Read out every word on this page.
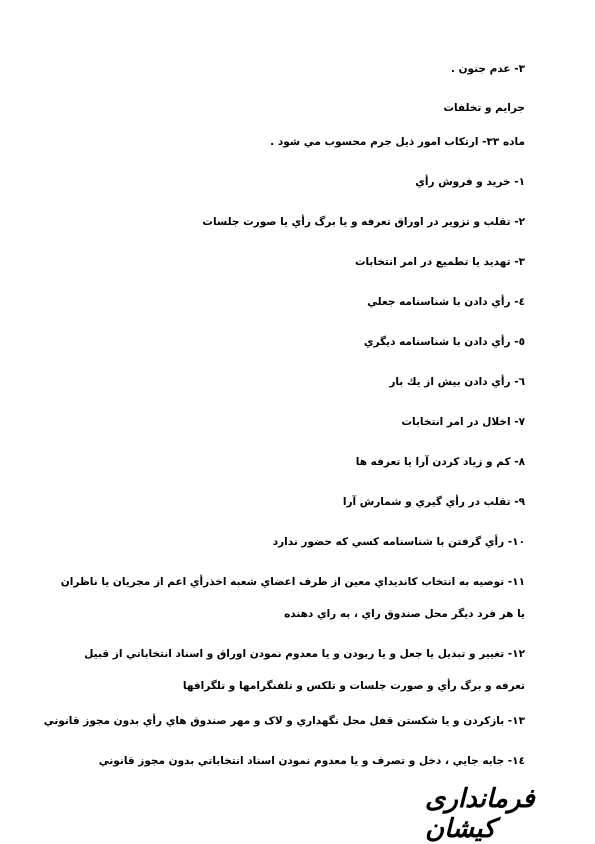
۳- عدم جنون .
جرايم و تخلفات
ماده ۳۳- ارتکاب امور ذيل جرم محسوب مي شود .
۱- خريد و فروش رأي
۲- تقلب و تزوير در اوراق تعرفه و يا برگ رأي يا صورت جلسات
۳- تهديد يا تطميع در امر انتخابات
٤- رأي دادن با شناسنامه جعلي
٥- رأي دادن با شناسنامه ديگري
٦- رأي دادن بيش از يك بار
۷- اخلال در امر انتخابات
۸- کم و زياد کردن آرا يا تعرفه ها
۹- تقلب در رأي گيري و شمارش آرا
۱۰- رأي گرفتن با شناسنامه کسي که حضور ندارد
۱۱- توصيه به انتخاب کانديداي معين از طرف اعضاي شعبه اخذرأي اعم از مجريان يا ناظران يا هر فرد ديگر محل صندوق راي ، به راي دهنده
۱۲- تغيير و تبديل يا جعل و يا ربودن و يا معدوم نمودن اوراق و اسناد انتخاباتي از قبيل تعرفه و برگ رأي و صورت جلسات و تلکس و تلفنگرامها و تلگرافها
۱۳- بازکردن و يا شکستن قفل محل نگهداري و لاک و مهر صندوق هاي رأي بدون مجوز قانوني
۱٤- جابه جايي ، دخل و تصرف و يا معدوم نمودن اسناد انتخاباتي بدون مجوز قانوني
فرمانداری کیشان
